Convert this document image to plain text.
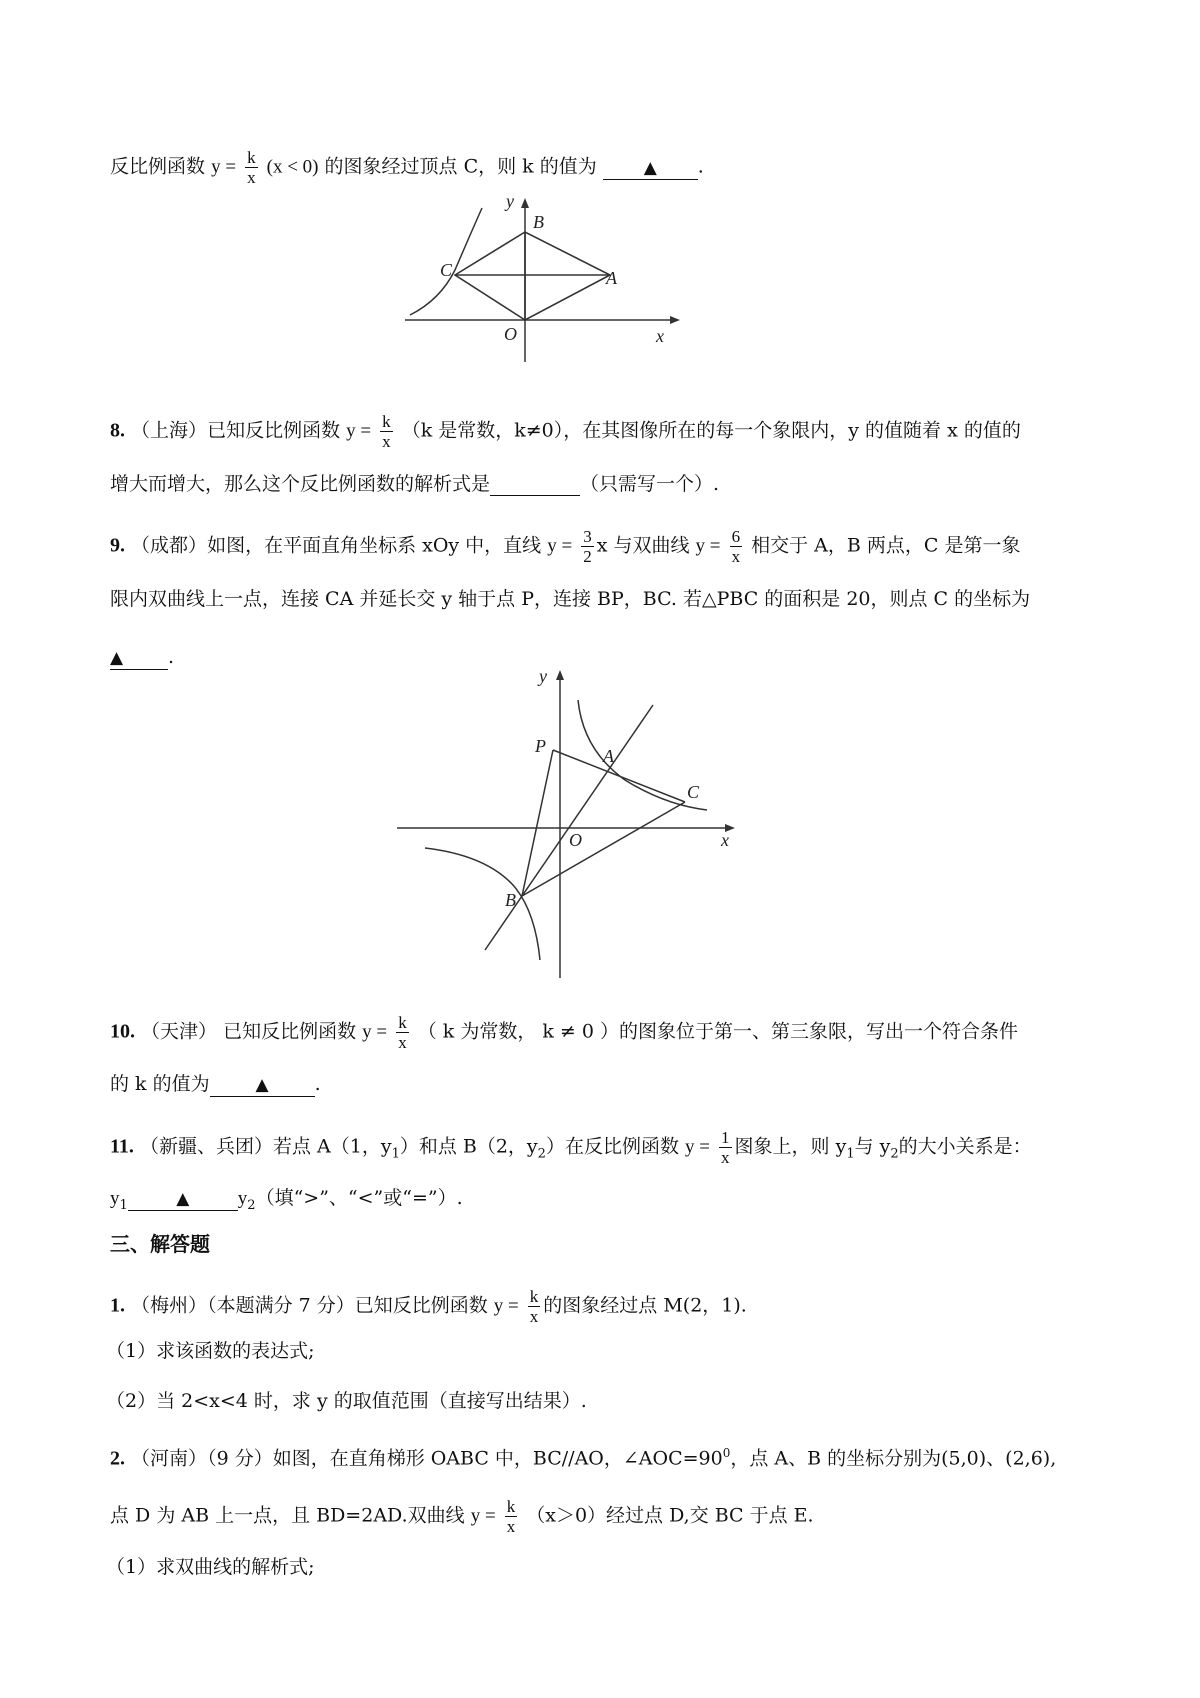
反比例函数 $y = \frac{k}{x} (x < 0)$ 的图象经过顶点 C，则 k 的值为	▲ .
y
B
C	A
O	x
8. （上海）已知反比例函数 $y = \frac{k}{x} (k$ 是常数，k≠0），在其图像所在的每一个象限内，y 的值随着 x 的值的
增大而增大，那么这个反比例函数的解析式是	（只需写一个）.
9. （成都）如图，在平面直角坐标系 xOy 中，直线 $y = \frac{3}{2}$ x 与双曲线 $y = \frac{6}{x}$ 相交于 A，B 两点，C 是第一象
限内双曲线上一点，连接 CA 并延长交 y 轴于点 P，连接 BP，BC. 若△PBC 的面积是 20，则点 C 的坐标为
▲ .
y
P	A
C
O	x
B
10. （天津） 已知反比例函数 $y = \frac{k}{x}$ （ k 为常数， k ≠ 0 ）的图象位于第一、第三象限，写出一个符合条件
的 k 的值为	▲ .
11. （新疆、兵团）若点 A（1，$y_1$）和点 B（2，$y_2$）在反比例函数 $y = \frac{1}{x}$ 图象上，则 $y_1$与 $y_2$的大小关系是：
$y_1$	▲	$y_2$（填“>”、“<”或“=”）.
三、解答题
1. （梅州）（本题满分 7 分）已知反比例函数 $y = \frac{k}{x}$ 的图象经过点 M(2，1).
（1）求该函数的表达式;
（2）当 2<x<4 时，求 y 的取值范围（直接写出结果）.
2. （河南）（9 分）如图，在直角梯形 OABC 中，BC//AO，$\angle AOC=90^0$，点 A、B 的坐标分别为(5,0)、(2,6),
点 D 为 AB 上一点，且 BD=2AD.双曲线 $y = \frac{k}{x} (x>0)$经过点 D,交 BC 于点 E.
（1）求双曲线的解析式;
